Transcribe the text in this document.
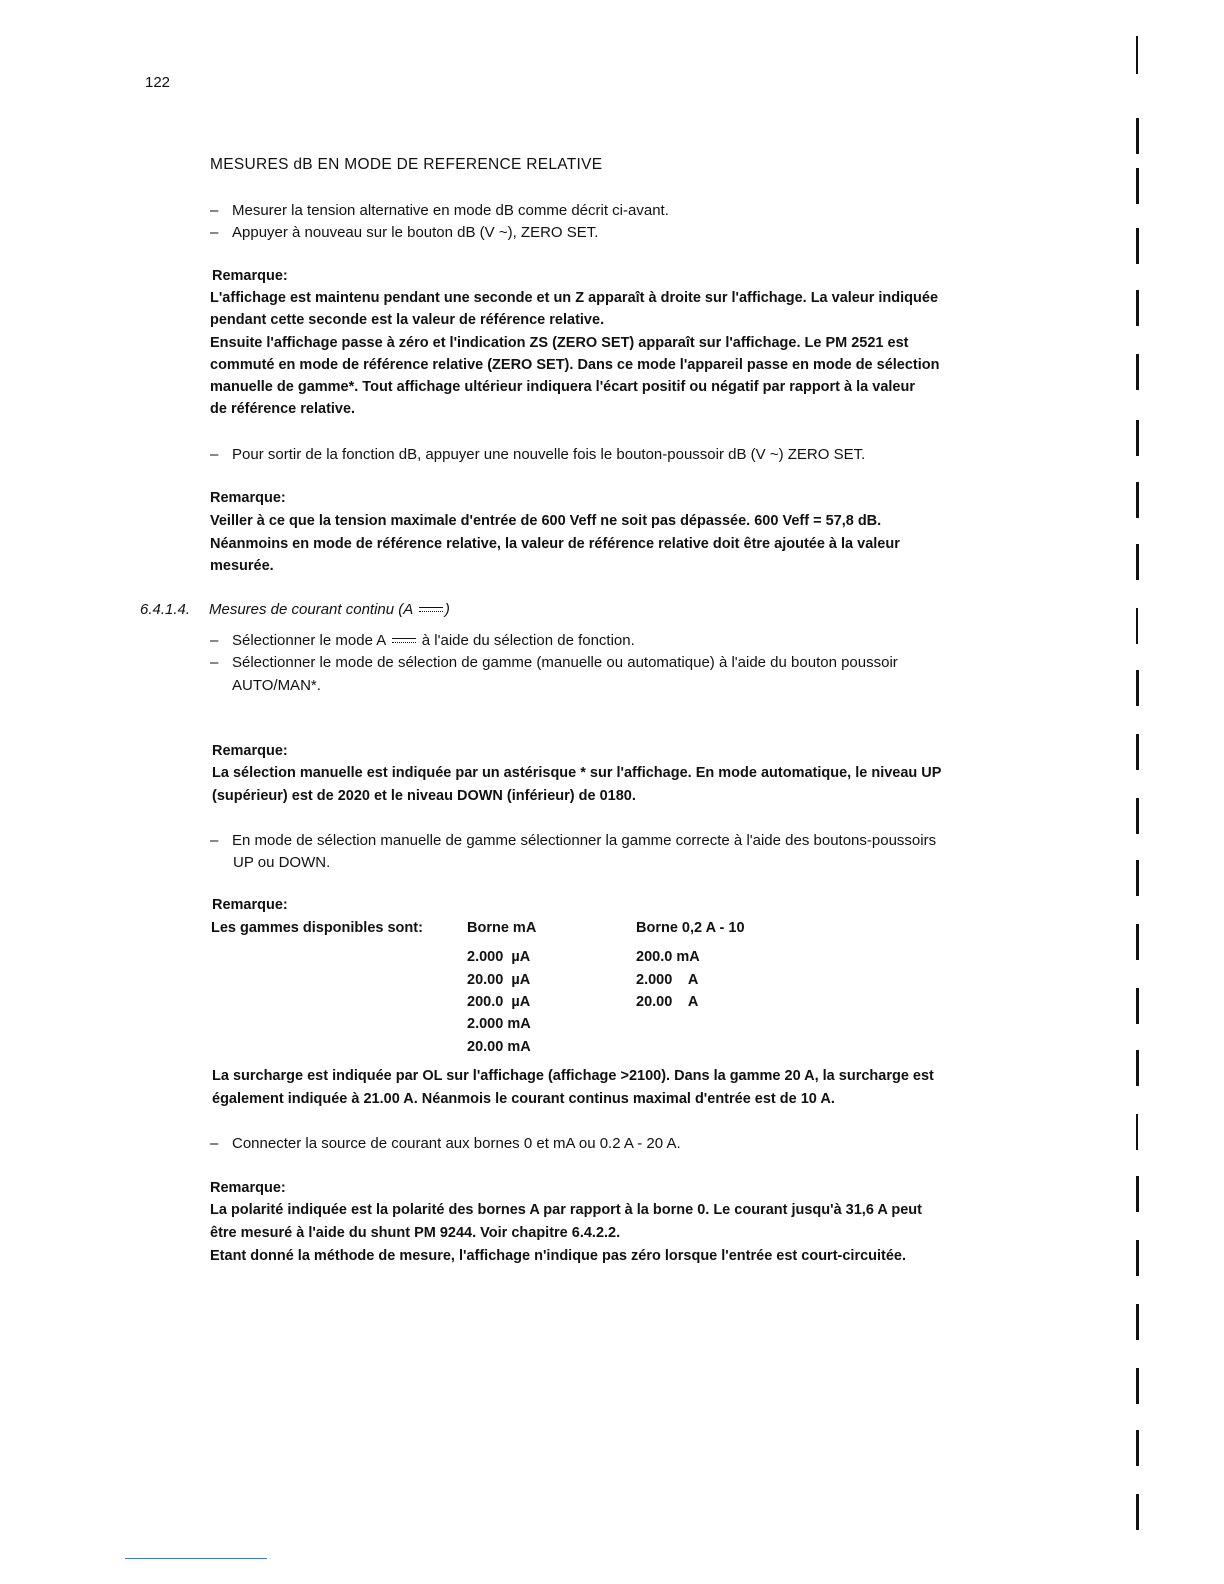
122
MESURES dB EN MODE DE REFERENCE RELATIVE
– Mesurer la tension alternative en mode dB comme décrit ci-avant.
– Appuyer à nouveau sur le bouton dB (V ~), ZERO SET.
Remarque:
L'affichage est maintenu pendant une seconde et un Z apparaît à droite sur l'affichage. La valeur indiquée
pendant cette seconde est la valeur de référence relative.
Ensuite l'affichage passe à zéro et l'indication ZS (ZERO SET) apparaît sur l'affichage. Le PM 2521 est
commuté en mode de référence relative (ZERO SET). Dans ce mode l'appareil passe en mode de sélection
manuelle de gamme*. Tout affichage ultérieur indiquera l'écart positif ou négatif par rapport à la valeur
de référence relative.
– Pour sortir de la fonction dB, appuyer une nouvelle fois le bouton-poussoir dB (V ~) ZERO SET.
Remarque:
Veiller à ce que la tension maximale d'entrée de 600 Veff ne soit pas dépassée. 600 Veff = 57,8 dB.
Néanmoins en mode de référence relative, la valeur de référence relative doit être ajoutée à la valeur
mesurée.
6.4.1.4. Mesures de courant continu (A )
– Sélectionner le mode A  à l'aide du sélection de fonction.
– Sélectionner le mode de sélection de gamme (manuelle ou automatique) à l'aide du bouton poussoir
AUTO/MAN*.
Remarque:
La sélection manuelle est indiquée par un astérisque * sur l'affichage. En mode automatique, le niveau UP
(supérieur) est de 2020 et le niveau DOWN (inférieur) de 0180.
– En mode de sélection manuelle de gamme sélectionner la gamme correcte à l'aide des boutons-poussoirs
UP ou DOWN.
Remarque:
Les gammes disponibles sont:	Borne mA	Borne 0,2 A - 10
2.000  µA
20.00  µA
200.0  µA
2.000 mA
20.00 mA
200.0 mA
2.000    A
20.00    A
La surcharge est indiquée par OL sur l'affichage (affichage >2100). Dans la gamme 20 A, la surcharge est
également indiquée à 21.00 A. Néanmois le courant continus maximal d'entrée est de 10 A.
– Connecter la source de courant aux bornes 0 et mA ou 0.2 A - 20 A.
Remarque:
La polarité indiquée est la polarité des bornes A par rapport à la borne 0. Le courant jusqu'à 31,6 A peut
être mesuré à l'aide du shunt PM 9244. Voir chapitre 6.4.2.2.
Etant donné la méthode de mesure, l'affichage n'indique pas zéro lorsque l'entrée est court-circuitée.
